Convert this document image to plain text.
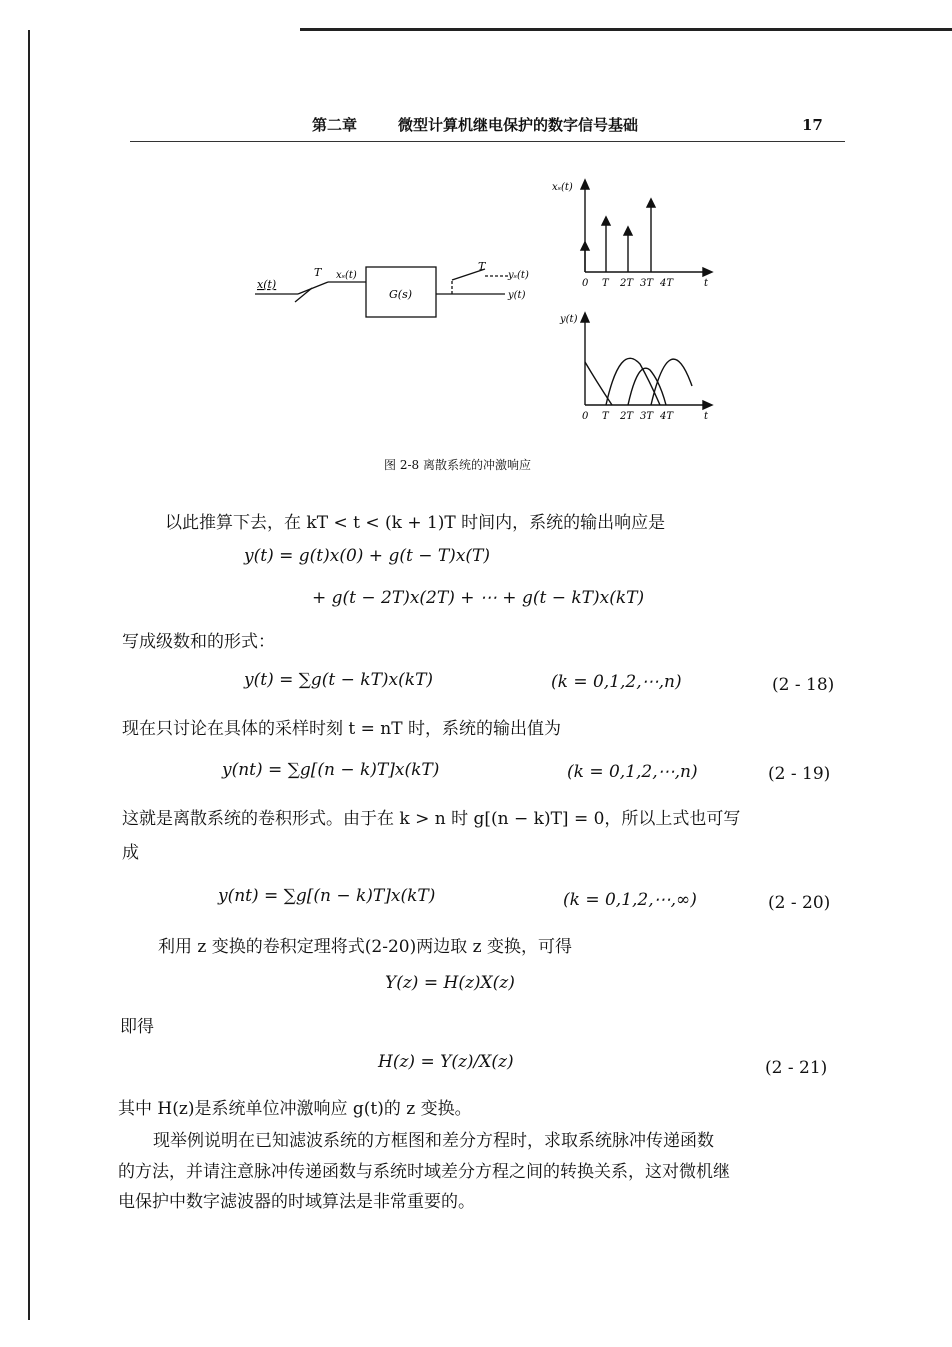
第二章	微型计算机继电保护的数字信号基础	17
x(t)
T xₛ(t)
G(s)
T
yₛ(t)
y(t)
xₛ(t)
0 T 2T 3T 4T	t
y(t)
0 T 2T 3T 4T	t
图 2-8 离散系统的冲激响应
以此推算下去，在 kT < t < (k + 1)T 时间内，系统的输出响应是
y(t) = g(t)x(0) + g(t − T)x(T)
+ g(t − 2T)x(2T) + ⋯ + g(t − kT)x(kT)
写成级数和的形式：
y(t) = ∑g(t − kT)x(kT)	(k = 0,1,2,⋯,n)	(2 - 18)
现在只讨论在具体的采样时刻 t = nT 时，系统的输出值为
y(nt) = ∑g[(n − k)T]x(kT)	(k = 0,1,2,⋯,n)	(2 - 19)
这就是离散系统的卷积形式。由于在 k > n 时 g[(n − k)T] = 0，所以上式也可写
成
y(nt) = ∑g[(n − k)T]x(kT)	(k = 0,1,2,⋯,∞)	(2 - 20)
利用 z 变换的卷积定理将式(2-20)两边取 z 变换，可得
Y(z) = H(z)X(z)
即得
H(z) = Y(z)/X(z)	(2 - 21)
其中 H(z)是系统单位冲激响应 g(t)的 z 变换。
现举例说明在已知滤波系统的方框图和差分方程时，求取系统脉冲传递函数
的方法，并请注意脉冲传递函数与系统时域差分方程之间的转换关系，这对微机继
电保护中数字滤波器的时域算法是非常重要的。
